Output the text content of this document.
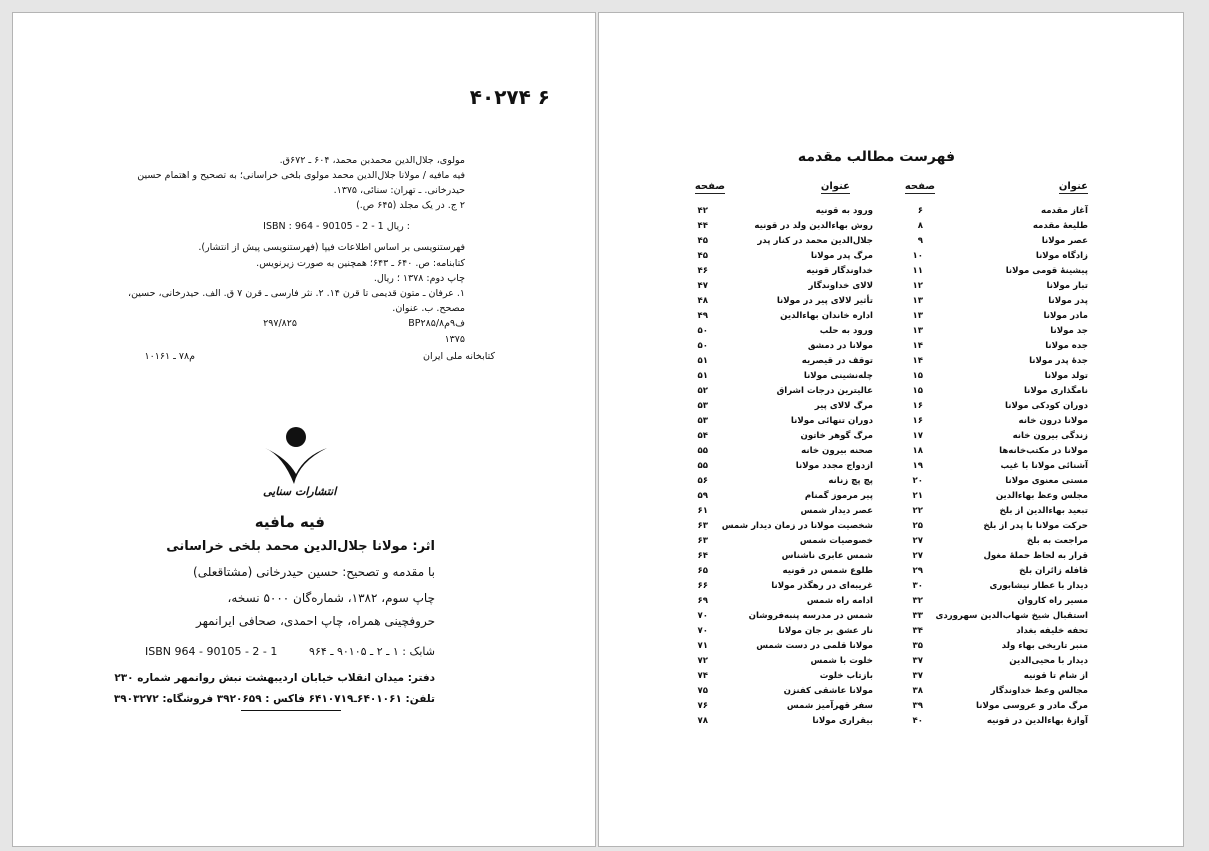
۴۰۲۷۴ ۶
مولوی، جلال‌الدین محمدبن محمد، ۶۰۴ ـ ۶۷۲ق.
فیه مافیه / مولانا جلال‌الدین محمد مولوی بلخی خراسانی؛ به تصحیح و اهتمام حسین
حیدرخانی. ـ تهران: سنائی، ۱۳۷۵.
۲ ج. در یک مجلد (۶۴۵ ص.)
ISBN : 964 - 90105 - 2 - 1 ریال :
فهرستنویسی بر اساس اطلاعات فیپا (فهرستنویسی پیش از انتشار).
کتابنامه: ص. ۶۴۰ ـ ۶۴۳؛ همچنین به صورت زیرنویس.
چاپ دوم: ۱۳۷۸ ؛ ریال.
۱. عرفان ـ متون قدیمی تا قرن ۱۴. ۲. نثر فارسی ـ قرن ۷ ق. الف. حیدرخانی، حسین،
مصحح. ب. عنوان.
BP۲۸۵/ف۹م۸
۲۹۷/۸۲۵
۱۳۷۵
کتابخانه ملی ایران
م۷۸ ـ ۱۰۱۶۱
انتشارات سنایی
فیه مافیه
اثر: مولانا جلال‌الدین محمد بلخی خراسانی
با مقدمه و تصحیح: حسین حیدرخانی (مشتاقعلی)
چاپ سوم، ۱۳۸۲، شماره‌گان ۵۰۰۰ نسخه،
حروفچینی همراه، چاپ احمدی، صحافی ایرانمهر
شابک : ۱ ـ ۲ ـ ۹۰۱۰۵ ـ ۹۶۴
ISBN 964 - 90105 - 2 - 1
دفتر: میدان انقلاب خیابان اردیبهشت نبش روانمهر شماره ۲۳۰
تلفن: ۶۴۰۱۰۶۱ـ۶۴۱۰۷۱۹ فاکس : ۳۹۲۰۶۵۹ فروشگاه: ۳۹۰۳۲۷۲
فهرست مطالب مقدمه
عنوان
صفحه
عنوان
صفحه
آغاز مقدمه
۶
طلیعهٔ مقدمه
۸
عصر مولانا
۹
زادگاه مولانا
۱۰
پیشینهٔ قومی مولانا
۱۱
تبار مولانا
۱۲
پدر مولانا
۱۳
مادر مولانا
۱۳
جد مولانا
۱۳
جده مولانا
۱۴
جدهٔ پدر مولانا
۱۴
تولد مولانا
۱۵
نامگذاری مولانا
۱۵
دوران کودکی مولانا
۱۶
مولانا درون خانه
۱۶
زندگی بیرون خانه
۱۷
مولانا در مکتب‌خانه‌ها
۱۸
آشنائی مولانا با غیب
۱۹
مستی معنوی مولانا
۲۰
مجلس وعظ بهاءالدین
۲۱
تبعید بهاءالدین از بلخ
۲۲
حرکت مولانا با پدر از بلخ
۲۵
مراجعت به بلخ
۲۷
قرار به لحاظ حملهٔ مغول
۲۷
قافله زائران بلخ
۲۹
دیدار با عطار نیشابوری
۳۰
مسیر راه کاروان
۳۲
استقبال شیخ شهاب‌الدین سهروردی
۳۳
تحفه خلیفه بغداد
۳۴
منبر تاریخی بهاء ولد
۳۵
دیدار با محیی‌الدین
۳۷
از شام تا قونیه
۳۷
مجالس وعظ خداوندگار
۳۸
مرگ مادر و عروسی مولانا
۳۹
آوازهٔ بهاءالدین در قونیه
۴۰
ورود به قونیه
۴۲
روش بهاءالدین ولد در قونیه
۴۴
جلال‌الدین محمد در کنار پدر
۴۵
مرگ پدر مولانا
۴۵
خداوندگار قونیه
۴۶
لالای خداوندگار
۴۷
تأثیر لالای پیر در مولانا
۴۸
اداره خاندان بهاءالدین
۴۹
ورود به حلب
۵۰
مولانا در دمشق
۵۰
توقف در قیصریه
۵۱
چله‌نشینی مولانا
۵۱
عالیترین درجات اشراق
۵۲
مرگ لالای پیر
۵۳
دوران تنهائی مولانا
۵۳
مرگ گوهر خاتون
۵۴
صحنه بیرون خانه
۵۵
ازدواج مجدد مولانا
۵۵
پچ پچ زنانه
۵۶
پیر مرموز گمنام
۵۹
عصر دیدار شمس
۶۱
شخصیت مولانا در زمان دیدار شمس
۶۳
خصوصیات شمس
۶۳
شمس عابری ناشناس
۶۴
طلوع شمس در قونیه
۶۵
غریبه‌ای در رهگذر مولانا
۶۶
ادامه راه شمس
۶۹
شمس در مدرسه پنبه‌فروشان
۷۰
نار عشق بر جان مولانا
۷۰
مولانا قلمی در دست شمس
۷۱
خلوت با شمس
۷۲
بازتاب خلوت
۷۴
مولانا عاشقی کفنزن
۷۵
سفر قهرآمیز شمس
۷۶
بیقراری مولانا
۷۸
